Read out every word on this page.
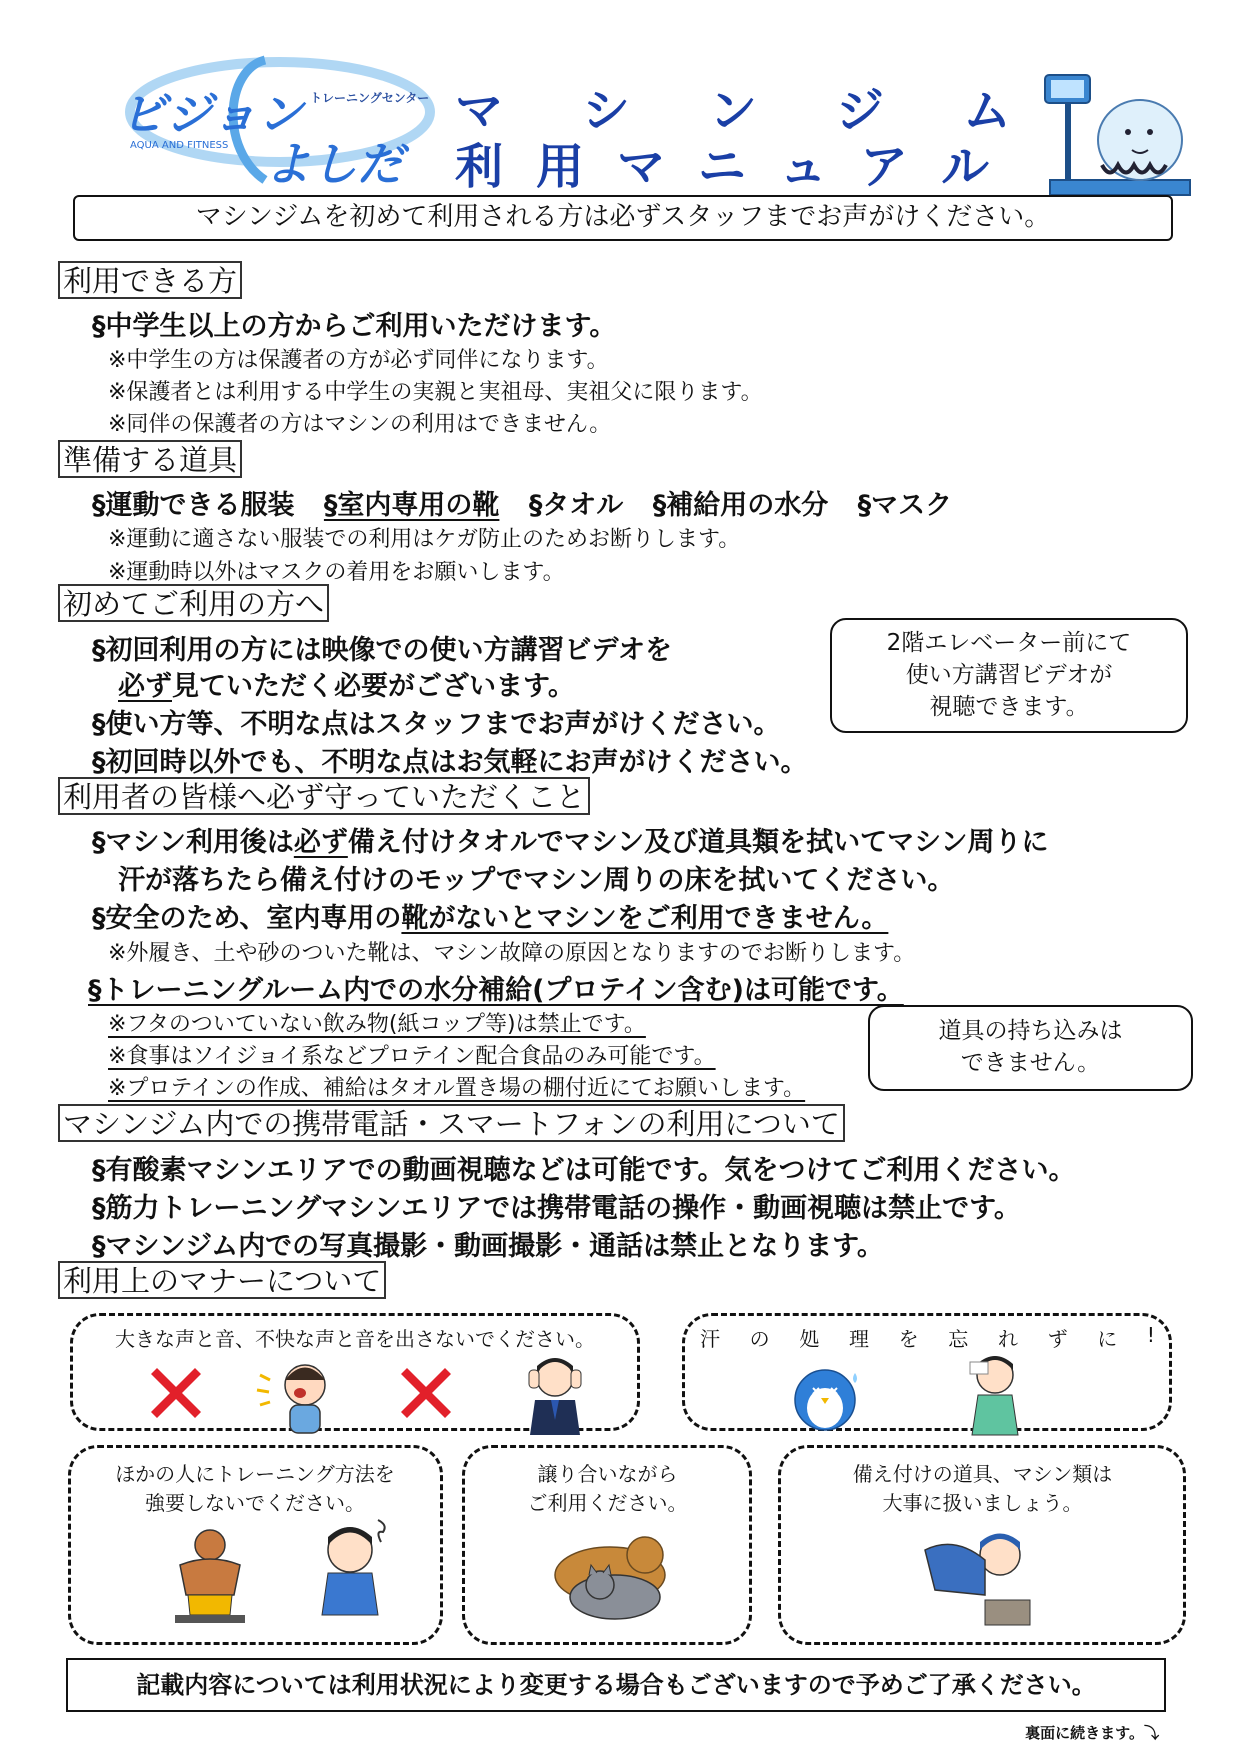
ビジョン
よしだ
トレーニングセンター
AQUA AND FITNESS
マ シ ン ジ ム
利 用 マ ニ ュ ア ル
マシンジムを初めて利用される方は必ずスタッフまでお声がけください。
利用できる方
§中学生以上の方からご利用いただけます。
※中学生の方は保護者の方が必ず同伴になります。
※保護者とは利用する中学生の実親と実祖母、実祖父に限ります。
※同伴の保護者の方はマシンの利用はできません。
準備する道具
§運動できる服装 §室内専用の靴 §タオル §補給用の水分 §マスク
※運動に適さない服装での利用はケガ防止のためお断りします。
※運動時以外はマスクの着用をお願いします。
初めてご利用の方へ
§初回利用の方には映像での使い方講習ビデオを
必ず見ていただく必要がございます。
§使い方等、不明な点はスタッフまでお声がけください。
§初回時以外でも、不明な点はお気軽にお声がけください。
2階エレベーター前にて
使い方講習ビデオが
視聴できます。
利用者の皆様へ必ず守っていただくこと
§マシン利用後は必ず備え付けタオルでマシン及び道具類を拭いてマシン周りに
汗が落ちたら備え付けのモップでマシン周りの床を拭いてください。
§安全のため、室内専用の靴がないとマシンをご利用できません。
※外履き、土や砂のついた靴は、マシン故障の原因となりますのでお断りします。
§トレーニングルーム内での水分補給(プロテイン含む)は可能です。
※フタのついていない飲み物(紙コップ等)は禁止です。
※食事はソイジョイ系などプロテイン配合食品のみ可能です。
※プロテインの作成、補給はタオル置き場の棚付近にてお願いします。
道具の持ち込みは
できません。
マシンジム内での携帯電話・スマートフォンの利用について
§有酸素マシンエリアでの動画視聴などは可能です。気をつけてご利用ください。
§筋力トレーニングマシンエリアでは携帯電話の操作・動画視聴は禁止です。
§マシンジム内での写真撮影・動画撮影・通話は禁止となります。
利用上のマナーについて
大きな声と音、不快な声と音を出さないでください。	汗 の 処 理 を 忘 れ ず に !
ほかの人にトレーニング方法を
強要しないでください。
譲り合いながら
ご利用ください。
備え付けの道具、マシン類は
大事に扱いましょう。
記載内容については利用状況により変更する場合もございますので予めご了承ください。
裏面に続きます。⤵
